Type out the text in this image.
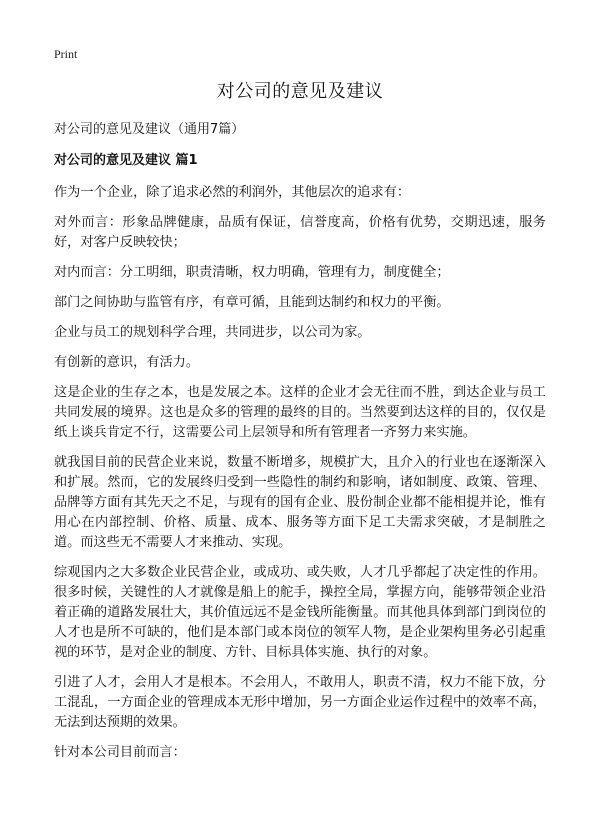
Print
对公司的意见及建议

对公司的意见及建议（通用7篇）

对公司的意见及建议 篇1

作为一个企业，除了追求必然的利润外，其他层次的追求有：

对外而言：形象品牌健康，品质有保证，信誉度高，价格有优势，交期迅速，服务好，对客户反映较快；

对内而言：分工明细，职责清晰，权力明确，管理有力，制度健全；

部门之间协助与监管有序，有章可循，且能到达制约和权力的平衡。

企业与员工的规划科学合理，共同进步，以公司为家。

有创新的意识，有活力。

这是企业的生存之本，也是发展之本。这样的企业才会无往而不胜，到达企业与员工共同发展的境界。这也是众多的管理的最终的目的。当然要到达这样的目的，仅仅是纸上谈兵肯定不行，这需要公司上层领导和所有管理者一齐努力来实施。

就我国目前的民营企业来说，数量不断增多，规模扩大，且介入的行业也在逐渐深入和扩展。然而，它的发展终归受到一些隐性的制约和影响，诸如制度、政策、管理、品牌等方面有其先天之不足，与现有的国有企业、股份制企业都不能相提并论，惟有用心在内部控制、价格、质量、成本、服务等方面下足工夫需求突破，才是制胜之道。而这些无不需要人才来推动、实现。

综观国内之大多数企业民营企业，或成功、或失败，人才几乎都起了决定性的作用。很多时候，关键性的人才就像是船上的舵手，操控全局，掌握方向，能够带领企业沿着正确的道路发展壮大，其价值远远不是金钱所能衡量。而其他具体到部门到岗位的人才也是所不可缺的，他们是本部门或本岗位的领军人物，是企业架构里务必引起重视的环节，是对企业的制度、方针、目标具体实施、执行的对象。

引进了人才，会用人才是根本。不会用人，不敢用人，职责不清，权力不能下放，分工混乱，一方面企业的管理成本无形中增加，另一方面企业运作过程中的效率不高，无法到达预期的效果。

针对本公司目前而言：
